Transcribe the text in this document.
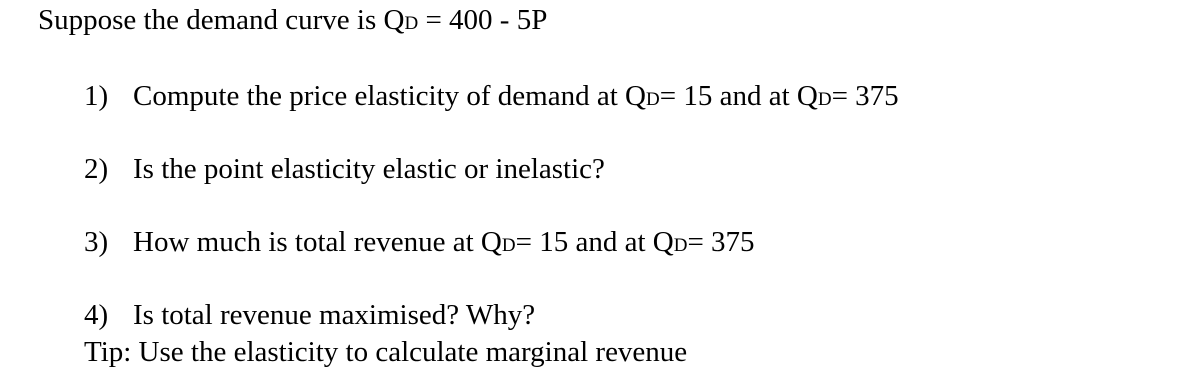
Suppose the demand curve is QD = 400 - 5P
1) Compute the price elasticity of demand at QD= 15 and at QD= 375
2) Is the point elasticity elastic or inelastic?
3) How much is total revenue at QD= 15 and at QD= 375
4) Is total revenue maximised? Why?
Tip: Use the elasticity to calculate marginal revenue
